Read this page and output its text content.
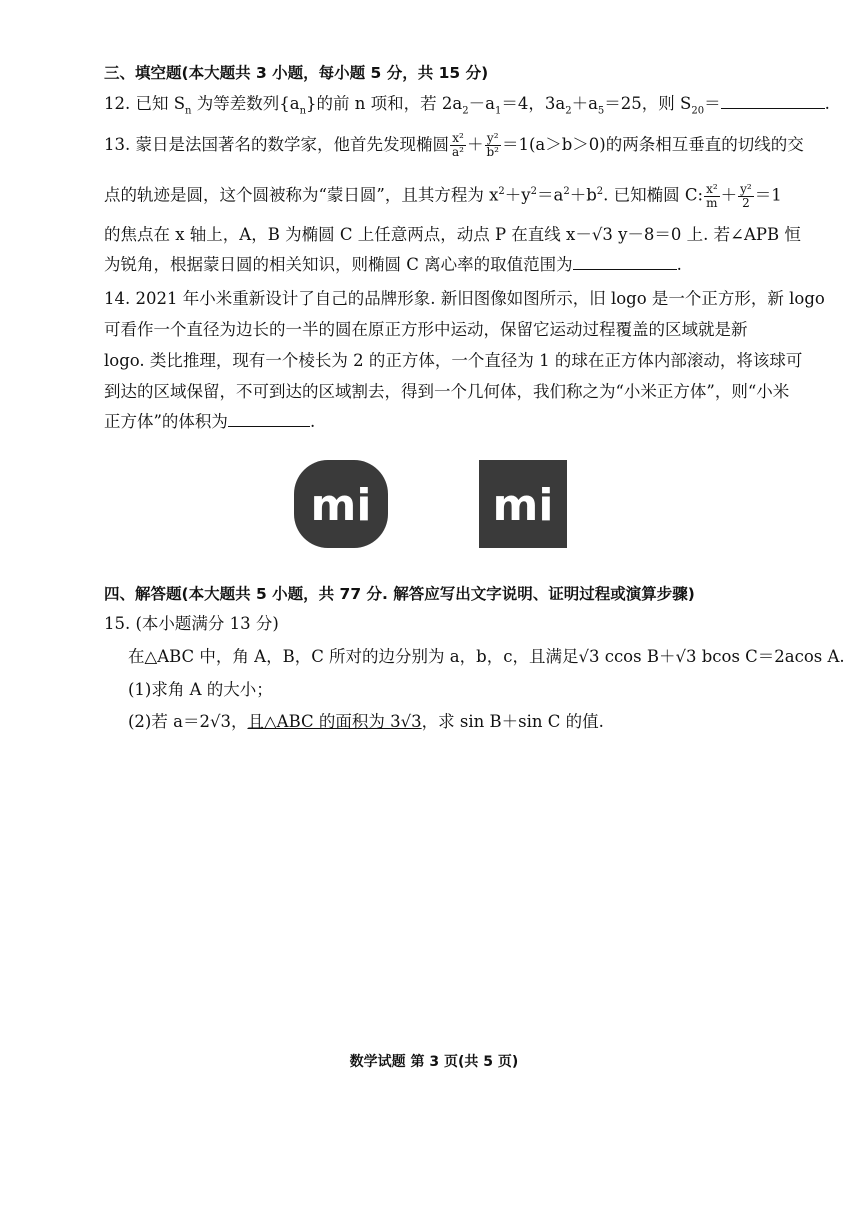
三、填空题(本大题共 3 小题，每小题 5 分，共 15 分)
12. 已知 $S_n$ 为等差数列$\{a_n\}$的前 n 项和，若 $2a_2-a_1=4$，$3a_2+a_5=25$，则 $S_{20}=$	.
13. 蒙日是法国著名的数学家，他首先发现椭圆 $\frac{\text{x²}}{\text{a²}} + \frac{\text{y²}}{\text{b²}} =1(a>b>0)$的两条相互垂直的切线的交
点的轨迹是圆，这个圆被称为“蒙日圆”，且其方程为 $x^2+y^2=a^2+b^2$. 已知椭圆 C: $\frac{\text{x²}}{m} + \frac{\text{y²}}{2} =1$
的焦点在 x 轴上，A，B 为椭圆 C 上任意两点，动点 P 在直线 x－√3 y－8＝0 上. 若∠APB 恒
为锐角，根据蒙日圆的相关知识，则椭圆 C 离心率的取值范围为	.
14. 2021 年小米重新设计了自己的品牌形象. 新旧图像如图所示，旧 logo 是一个正方形，新 logo
可看作一个直径为边长的一半的圆在原正方形中运动，保留它运动过程覆盖的区域就是新
logo. 类比推理，现有一个棱长为 2 的正方体，一个直径为 1 的球在正方体内部滚动，将该球可
到达的区域保留，不可到达的区域割去，得到一个几何体，我们称之为“小米正方体”，则“小米
正方体”的体积为	.
mi	mi
四、解答题(本大题共 5 小题，共 77 分. 解答应写出文字说明、证明过程或演算步骤)
15. (本小题满分 13 分)
在△ABC 中，角 A，B，C 所对的边分别为 a，b，c，且满足√3 ccos B＋√3 bcos C＝2acos A.
(1)求角 A 的大小；
(2)若 a＝2√3，且△ABC 的面积为 3√3，求 sin B＋sin C 的值.
数学试题 第 3 页(共 5 页)
